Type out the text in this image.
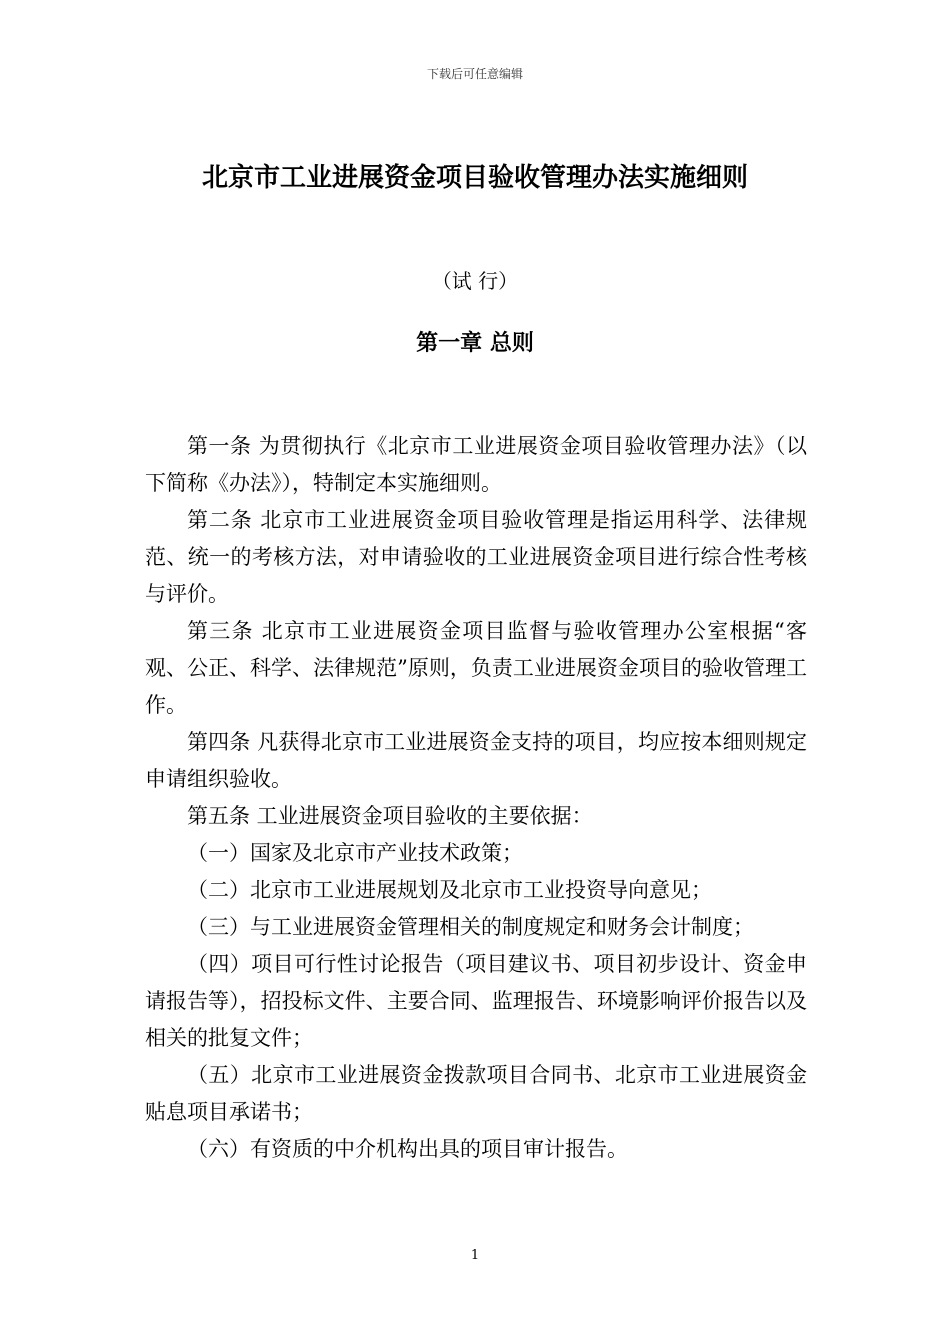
下载后可任意编辑
北京市工业进展资金项目验收管理办法实施细则
（试 行）
第一章 总则

第一条 为贯彻执行《北京市工业进展资金项目验收管理办法》（以下简称《办法》），特制定本实施细则。

第二条 北京市工业进展资金项目验收管理是指运用科学、法律规范、统一的考核方法，对申请验收的工业进展资金项目进行综合性考核与评价。

第三条 北京市工业进展资金项目监督与验收管理办公室根据“客观、公正、科学、法律规范”原则，负责工业进展资金项目的验收管理工作。

第四条 凡获得北京市工业进展资金支持的项目，均应按本细则规定申请组织验收。

第五条 工业进展资金项目验收的主要依据：

（一）国家及北京市产业技术政策；

（二）北京市工业进展规划及北京市工业投资导向意见；

（三）与工业进展资金管理相关的制度规定和财务会计制度；

（四）项目可行性讨论报告（项目建议书、项目初步设计、资金申请报告等），招投标文件、主要合同、监理报告、环境影响评价报告以及相关的批复文件；

（五）北京市工业进展资金拨款项目合同书、北京市工业进展资金贴息项目承诺书；

（六）有资质的中介机构出具的项目审计报告。

1
